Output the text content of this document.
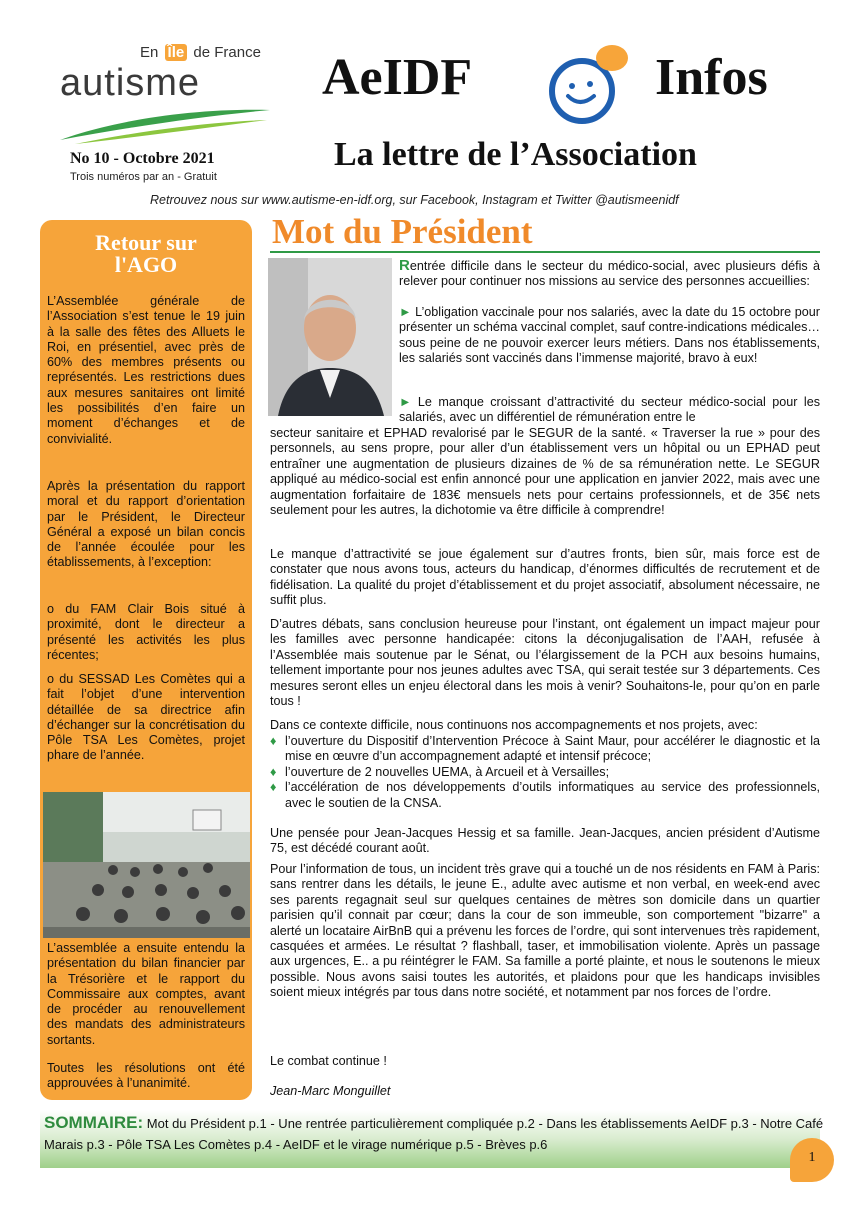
En Île de France
autisme
No 10 - Octobre 2021
Trois numéros par an - Gratuit
AeIDF	Infos
La lettre de l’Association
Retrouvez nous sur www.autisme-en-idf.org, sur Facebook, Instagram et Twitter @autismeenidf
Retour sur
l'AGO

L’Assemblée générale de l’Association s’est tenue le 19 juin à la salle des fêtes des Alluets le Roi, en présentiel, avec près de 60% des membres présents ou représentés. Les restrictions dues aux mesures sanitaires ont limité les possibilités d’en faire un moment d’échanges et de convivialité.

Après la présentation du rapport moral et du rapport d’orientation par le Président, le Directeur Général a exposé un bilan concis de l’année écoulée pour les établissements, à l’exception:

o du FAM Clair Bois situé à proximité, dont le directeur a présenté les activités les plus récentes;

o du SESSAD Les Comètes qui a fait l’objet d’une intervention détaillée de sa directrice afin d’échanger sur la concrétisation du Pôle TSA Les Comètes, projet phare de l’année.

L’assemblée a ensuite entendu la présentation du bilan financier par la Trésorière et le rapport du Commissaire aux comptes, avant de procéder au renouvellement des mandats des administrateurs sortants.

Toutes les résolutions ont été approuvées à l’unanimité.

Mot du Président

Rentrée difficile dans le secteur du médico-social, avec plusieurs défis à relever pour continuer nos missions au service des personnes accueillies:

► L’obligation vaccinale pour nos salariés, avec la date du 15 octobre pour présenter un schéma vaccinal complet, sauf contre-indications médicales…sous peine de ne pouvoir exercer leurs métiers. Dans nos établissements, les salariés sont vaccinés dans l’immense majorité, bravo à eux!

► Le manque croissant d’attractivité du secteur médico-social pour les salariés, avec un différentiel de rémunération entre le

secteur sanitaire et EPHAD revalorisé par le SEGUR de la santé. « Traverser la rue » pour des personnels, au sens propre, pour aller d’un établissement vers un hôpital ou un EPHAD peut entraîner une augmentation de plusieurs dizaines de % de sa rémunération nette. Le SEGUR appliqué au médico-social est enfin annoncé pour une application en janvier 2022, mais avec une augmentation forfaitaire de 183€ mensuels nets pour certains professionnels, et de 35€ nets seulement pour les autres, la dichotomie va être difficile à comprendre!

Le manque d’attractivité se joue également sur d’autres fronts, bien sûr, mais force est de constater que nous avons tous, acteurs du handicap, d’énormes difficultés de recrutement et de fidélisation. La qualité du projet d’établissement et du projet associatif, absolument nécessaire, ne suffit plus.

D’autres débats, sans conclusion heureuse pour l’instant, ont également un impact majeur pour les familles avec personne handicapée: citons la déconjugalisation de l’AAH, refusée à l’Assemblée mais soutenue par le Sénat, ou l’élargissement de la PCH aux besoins humains, tellement importante pour nos jeunes adultes avec TSA, qui serait testée sur 3 départements. Ces mesures seront elles un enjeu électoral dans les mois à venir? Souhaitons-le, pour qu’on en parle tous !

Dans ce contexte difficile, nous continuons nos accompagnements et nos projets, avec:

♦ l’ouverture du Dispositif d’Intervention Précoce à Saint Maur, pour accélérer le diagnostic et la mise en œuvre d’un accompagnement adapté et intensif précoce;
♦ l’ouverture de 2 nouvelles UEMA, à Arcueil et à Versailles;
♦ l’accélération de nos développements d’outils informatiques au service des professionnels, avec le soutien de la CNSA.

Une pensée pour Jean-Jacques Hessig et sa famille. Jean-Jacques, ancien président d’Autisme 75, est décédé courant août.

Pour l’information de tous, un incident très grave qui a touché un de nos résidents en FAM à Paris: sans rentrer dans les détails, le jeune E., adulte avec autisme et non verbal, en week-end avec ses parents regagnait seul sur quelques centaines de mètres son domicile dans un quartier parisien qu’il connait par cœur; dans la cour de son immeuble, son comportement "bizarre" a alerté un locataire AirBnB qui a prévenu les forces de l’ordre, qui sont intervenues très rapidement, casquées et armées. Le résultat ? flashball, taser, et immobilisation violente. Après un passage aux urgences, E.. a pu réintégrer le FAM. Sa famille a porté plainte, et nous le soutenons le mieux possible. Nous avons saisi toutes les autorités, et plaidons pour que les handicaps invisibles soient mieux intégrés par tous dans notre société, et notamment par nos forces de l’ordre.

Le combat continue !
Jean-Marc Monguillet
SOMMAIRE: Mot du Président p.1 - Une rentrée particulièrement compliquée p.2 - Dans les établissements AeIDF p.3 - Notre Café Marais p.3 - Pôle TSA Les Comètes p.4 - AeIDF et le virage numérique p.5 - Brèves p.6
1
